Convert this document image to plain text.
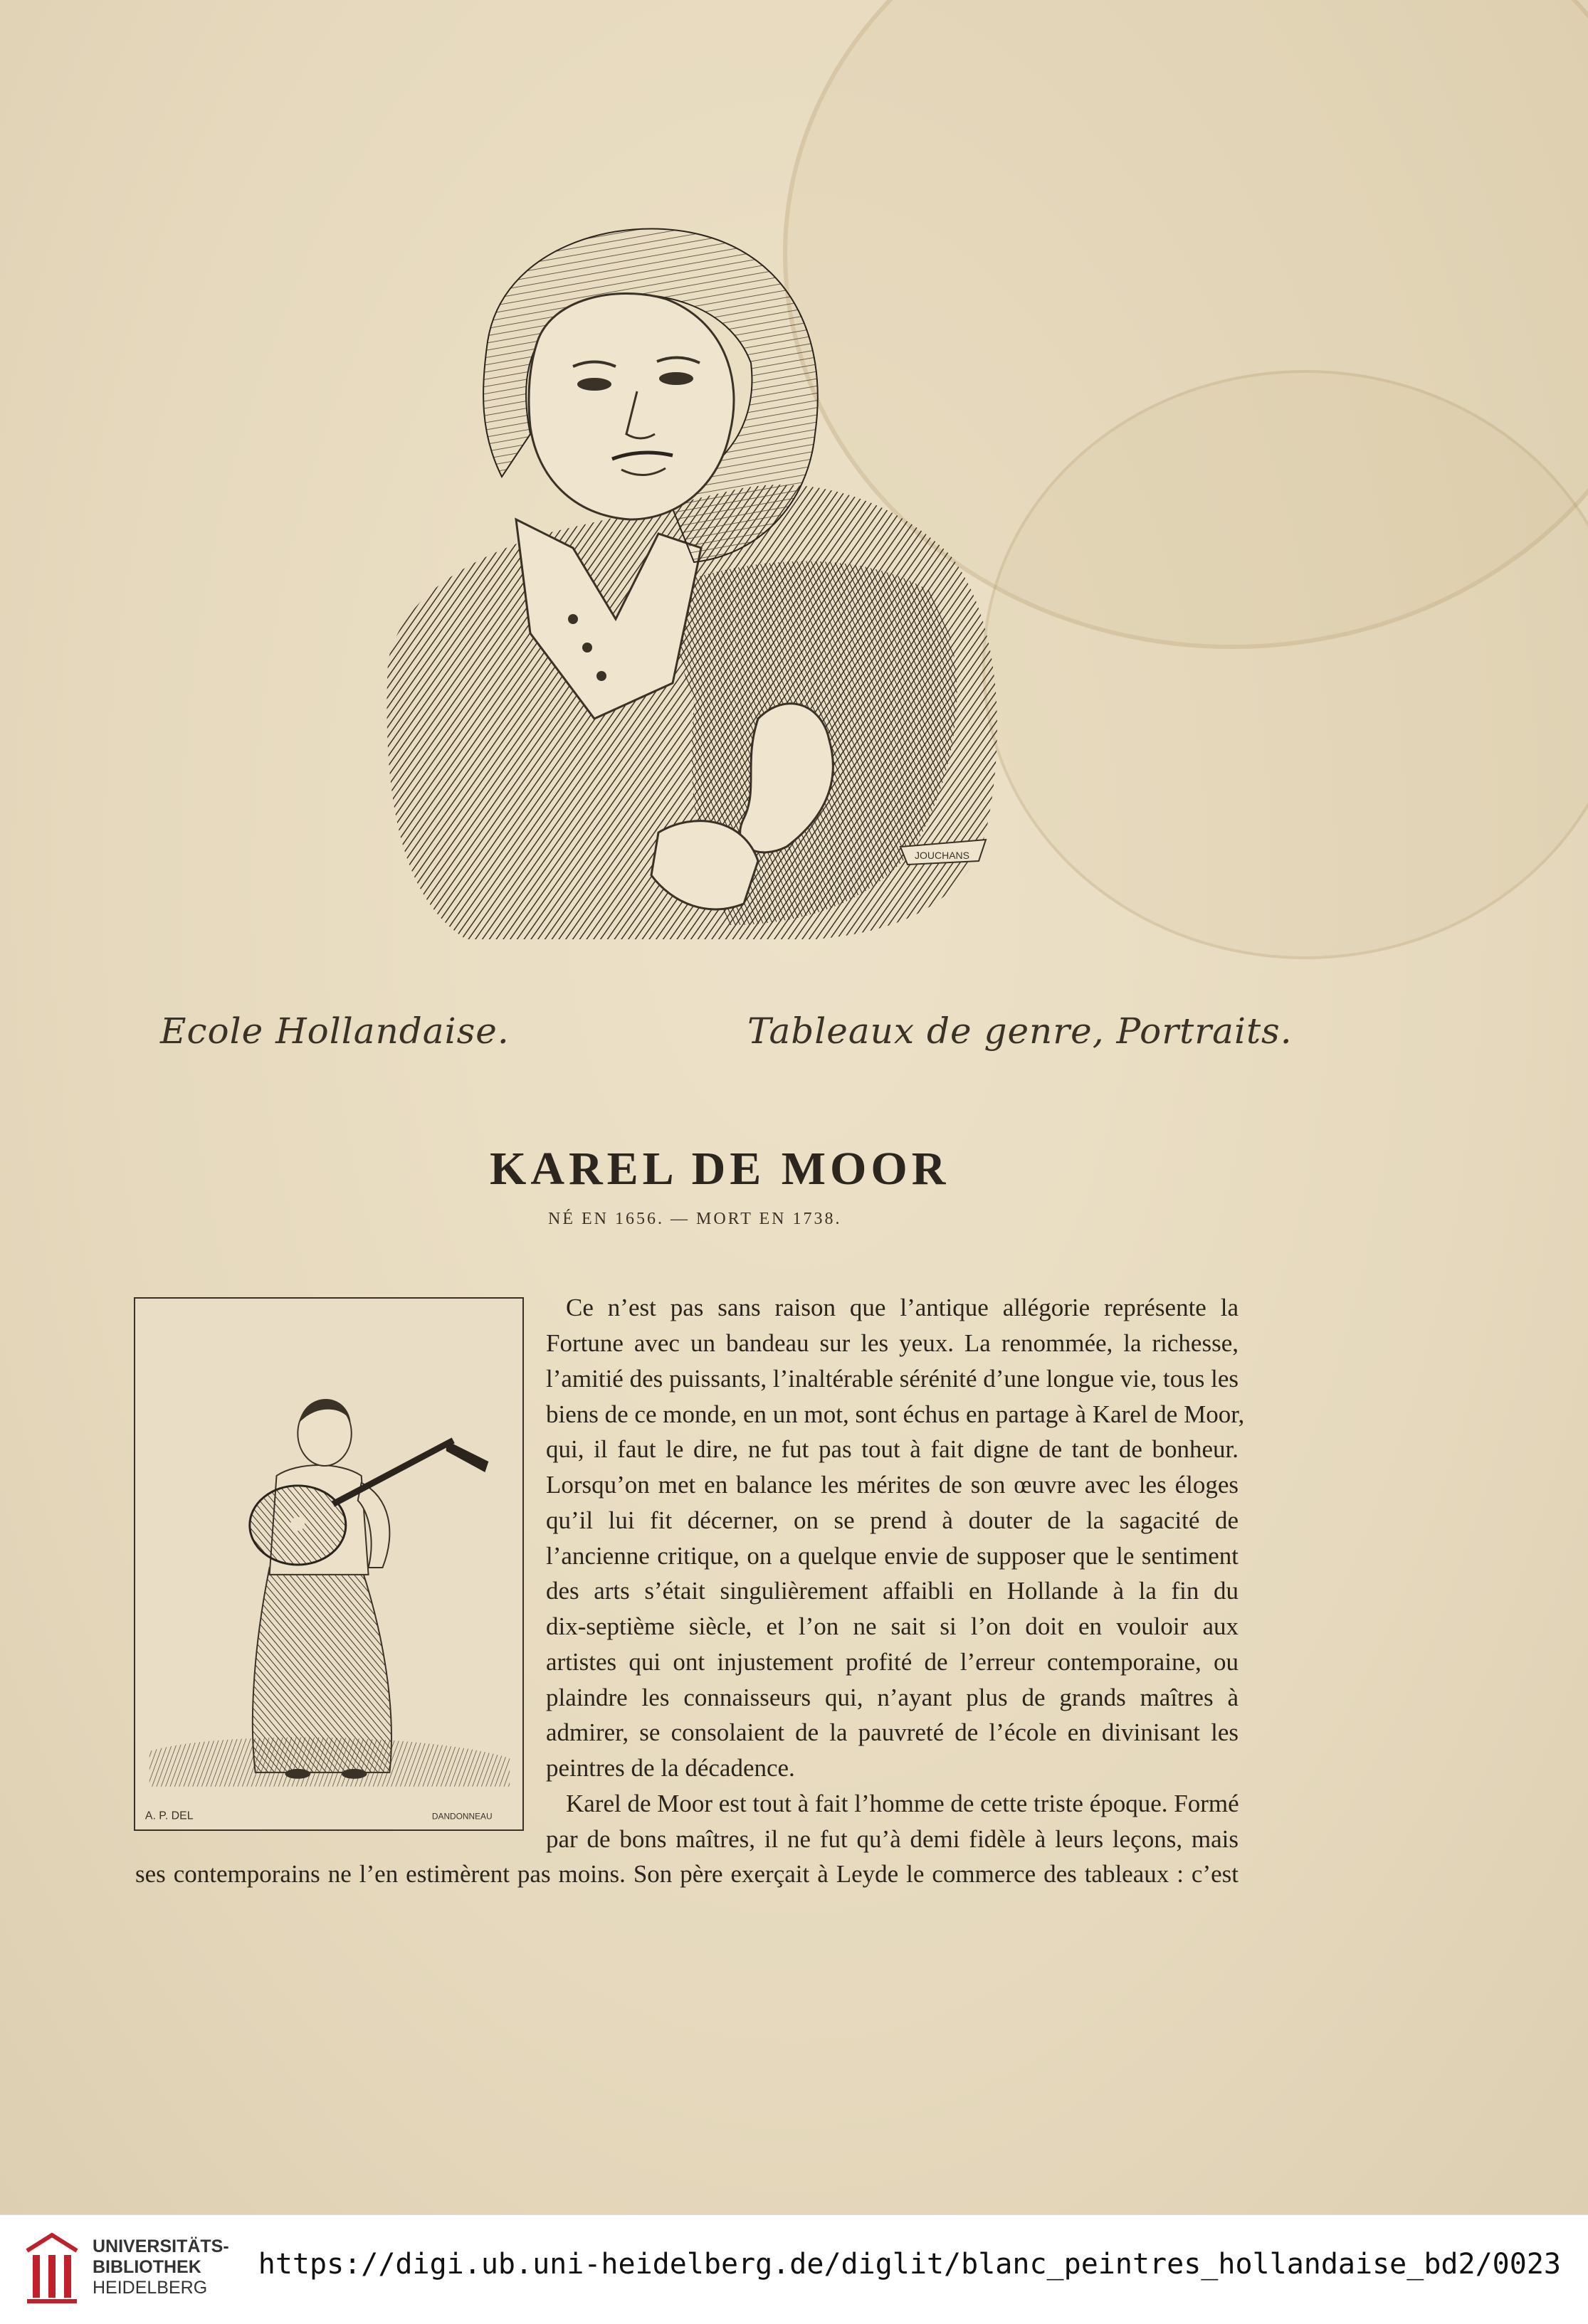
JOUCHANS
Ecole Hollandaise.	Tableaux de genre, Portraits.
KAREL DE MOOR
NÉ EN 1656. — MORT EN 1738.
A. P. DEL	DANDONNEAU
Ce n’est pas sans raison que l’antique allégorie représente la
Fortune avec un bandeau sur les yeux. La renommée, la richesse,
l’amitié des puissants, l’inaltérable sérénité d’une longue vie, tous les
biens de ce monde, en un mot, sont échus en partage à Karel de Moor,
qui, il faut le dire, ne fut pas tout à fait digne de tant de bonheur.
Lorsqu’on met en balance les mérites de son œuvre avec les éloges
qu’il lui fit décerner, on se prend à douter de la sagacité de
l’ancienne critique, on a quelque envie de supposer que le sentiment
des arts s’était singulièrement affaibli en Hollande à la fin du
dix-septième siècle, et l’on ne sait si l’on doit en vouloir aux
artistes qui ont injustement profité de l’erreur contemporaine, ou
plaindre les connaisseurs qui, n’ayant plus de grands maîtres à
admirer, se consolaient de la pauvreté de l’école en divinisant les
peintres de la décadence.
Karel de Moor est tout à fait l’homme de cette triste époque. Formé
par de bons maîtres, il ne fut qu’à demi fidèle à leurs leçons, mais
ses contemporains ne l’en estimèrent pas moins. Son père exerçait à Leyde le commerce des tableaux : c’est
UNIVERSITÄTS-
BIBLIOTHEK
HEIDELBERG
https://digi.ub.uni-heidelberg.de/diglit/blanc_peintres_hollandaise_bd2/0023
